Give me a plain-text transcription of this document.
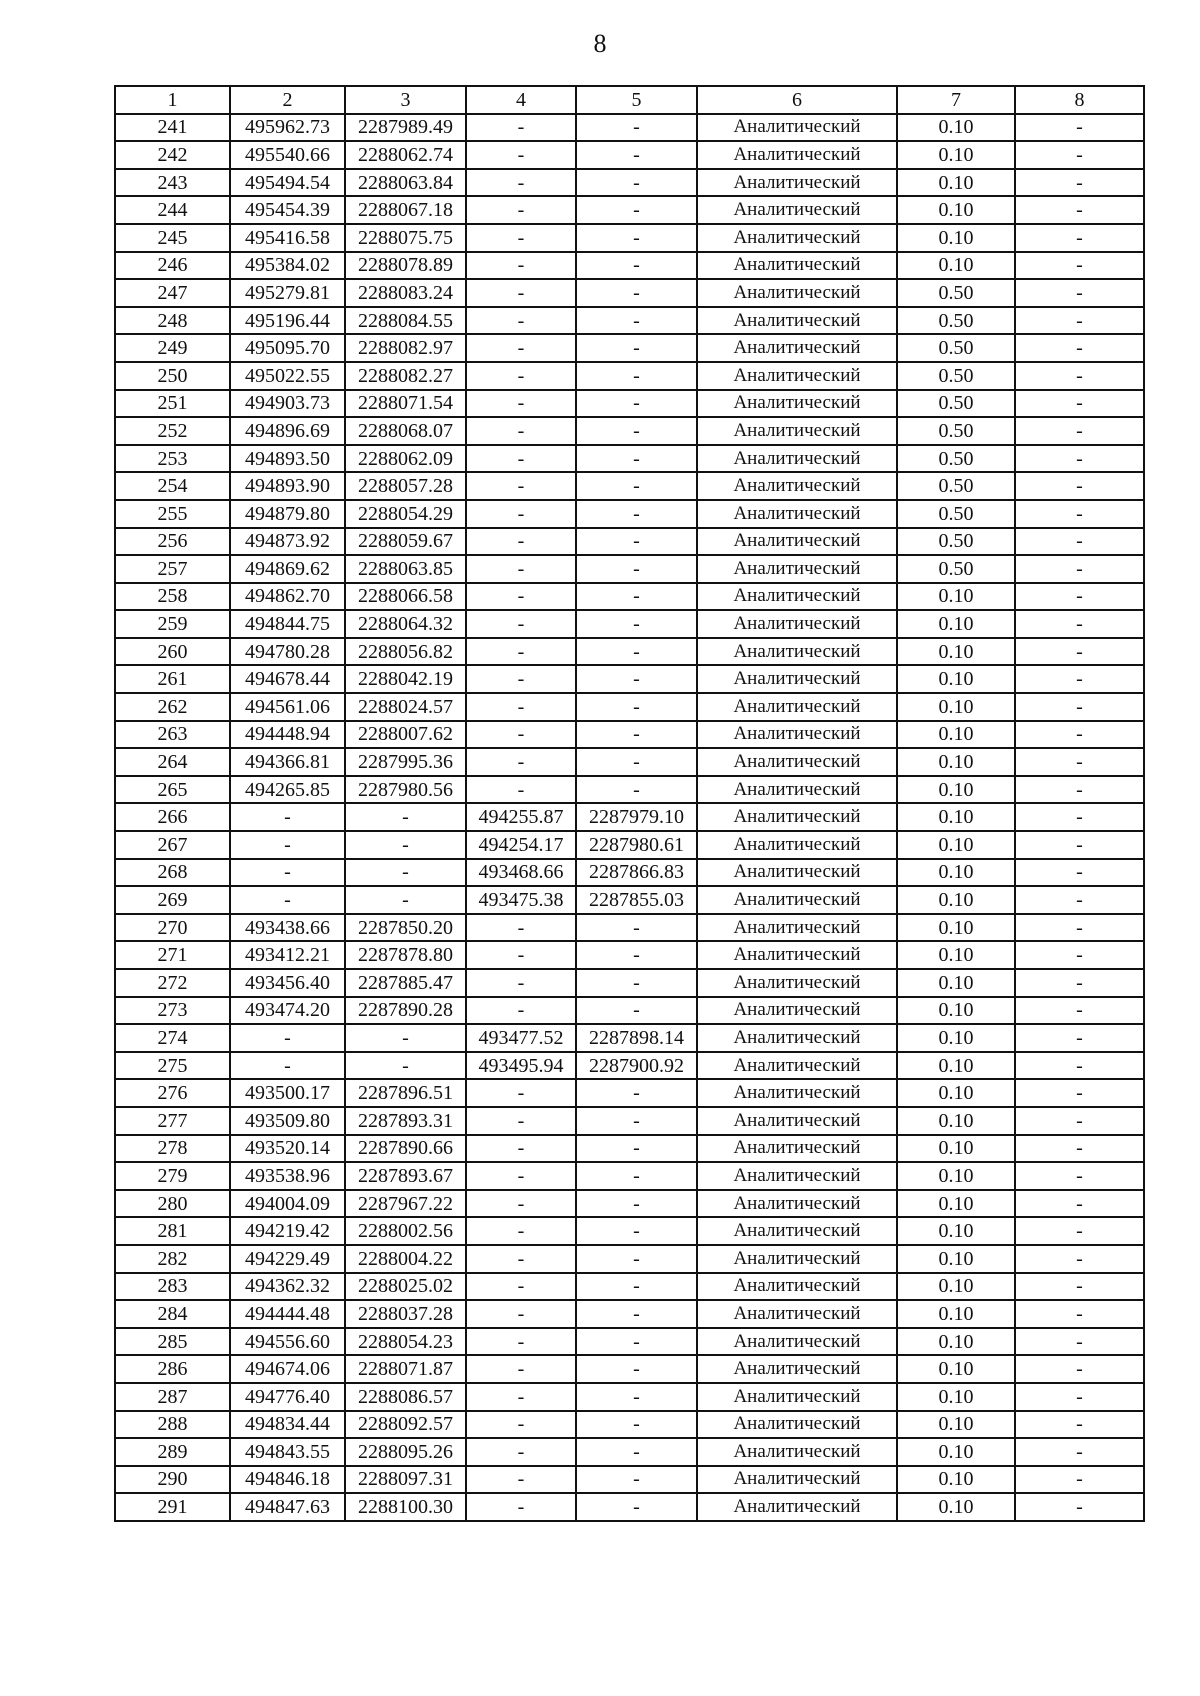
8
1	2	3	4	5	6	7	8
241	495962.73	2287989.49	-	-	Аналитический	0.10	-
242	495540.66	2288062.74	-	-	Аналитический	0.10	-
243	495494.54	2288063.84	-	-	Аналитический	0.10	-
244	495454.39	2288067.18	-	-	Аналитический	0.10	-
245	495416.58	2288075.75	-	-	Аналитический	0.10	-
246	495384.02	2288078.89	-	-	Аналитический	0.10	-
247	495279.81	2288083.24	-	-	Аналитический	0.50	-
248	495196.44	2288084.55	-	-	Аналитический	0.50	-
249	495095.70	2288082.97	-	-	Аналитический	0.50	-
250	495022.55	2288082.27	-	-	Аналитический	0.50	-
251	494903.73	2288071.54	-	-	Аналитический	0.50	-
252	494896.69	2288068.07	-	-	Аналитический	0.50	-
253	494893.50	2288062.09	-	-	Аналитический	0.50	-
254	494893.90	2288057.28	-	-	Аналитический	0.50	-
255	494879.80	2288054.29	-	-	Аналитический	0.50	-
256	494873.92	2288059.67	-	-	Аналитический	0.50	-
257	494869.62	2288063.85	-	-	Аналитический	0.50	-
258	494862.70	2288066.58	-	-	Аналитический	0.10	-
259	494844.75	2288064.32	-	-	Аналитический	0.10	-
260	494780.28	2288056.82	-	-	Аналитический	0.10	-
261	494678.44	2288042.19	-	-	Аналитический	0.10	-
262	494561.06	2288024.57	-	-	Аналитический	0.10	-
263	494448.94	2288007.62	-	-	Аналитический	0.10	-
264	494366.81	2287995.36	-	-	Аналитический	0.10	-
265	494265.85	2287980.56	-	-	Аналитический	0.10	-
266	-	-	494255.87	2287979.10	Аналитический	0.10	-
267	-	-	494254.17	2287980.61	Аналитический	0.10	-
268	-	-	493468.66	2287866.83	Аналитический	0.10	-
269	-	-	493475.38	2287855.03	Аналитический	0.10	-
270	493438.66	2287850.20	-	-	Аналитический	0.10	-
271	493412.21	2287878.80	-	-	Аналитический	0.10	-
272	493456.40	2287885.47	-	-	Аналитический	0.10	-
273	493474.20	2287890.28	-	-	Аналитический	0.10	-
274	-	-	493477.52	2287898.14	Аналитический	0.10	-
275	-	-	493495.94	2287900.92	Аналитический	0.10	-
276	493500.17	2287896.51	-	-	Аналитический	0.10	-
277	493509.80	2287893.31	-	-	Аналитический	0.10	-
278	493520.14	2287890.66	-	-	Аналитический	0.10	-
279	493538.96	2287893.67	-	-	Аналитический	0.10	-
280	494004.09	2287967.22	-	-	Аналитический	0.10	-
281	494219.42	2288002.56	-	-	Аналитический	0.10	-
282	494229.49	2288004.22	-	-	Аналитический	0.10	-
283	494362.32	2288025.02	-	-	Аналитический	0.10	-
284	494444.48	2288037.28	-	-	Аналитический	0.10	-
285	494556.60	2288054.23	-	-	Аналитический	0.10	-
286	494674.06	2288071.87	-	-	Аналитический	0.10	-
287	494776.40	2288086.57	-	-	Аналитический	0.10	-
288	494834.44	2288092.57	-	-	Аналитический	0.10	-
289	494843.55	2288095.26	-	-	Аналитический	0.10	-
290	494846.18	2288097.31	-	-	Аналитический	0.10	-
291	494847.63	2288100.30	-	-	Аналитический	0.10	-
